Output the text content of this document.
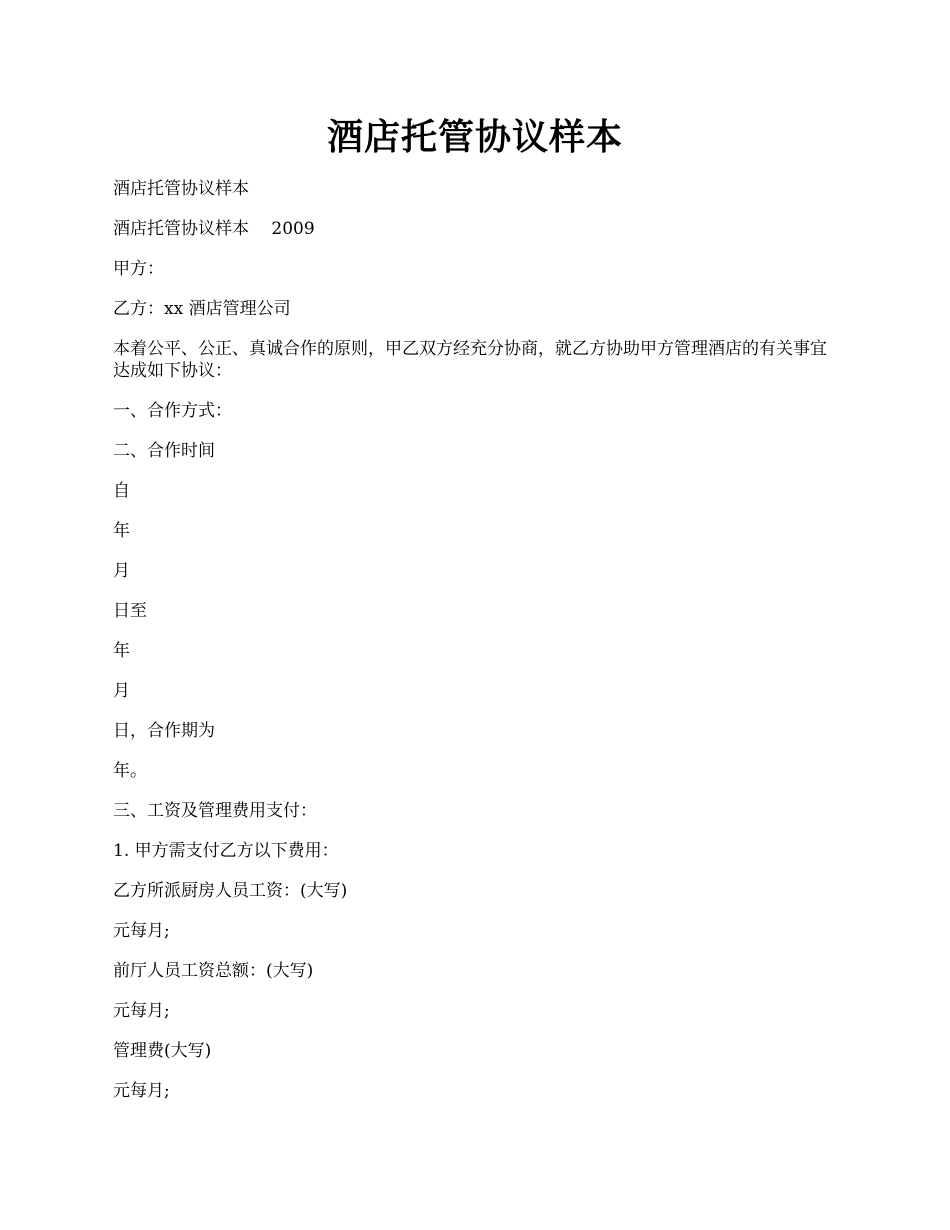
酒店托管协议样本

酒店托管协议样本

酒店托管协议样本　 2009

甲方：

乙方：xx 酒店管理公司

本着公平、公正、真诚合作的原则，甲乙双方经充分协商，就乙方协助甲方管理酒店的有关事宜达成如下协议：

一、合作方式：

二、合作时间

自

年

月

日至

年

月

日，合作期为

年。

三、工资及管理费用支付：

1. 甲方需支付乙方以下费用：

乙方所派厨房人员工资：(大写)

元每月;

前厅人员工资总额：(大写)

元每月;

管理费(大写)

元每月;
